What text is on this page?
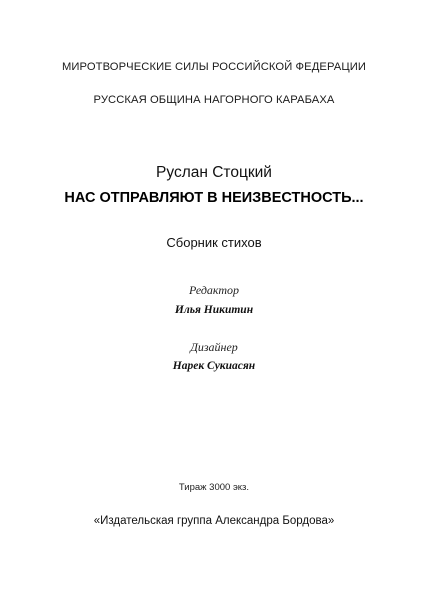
МИРОТВОРЧЕСКИЕ СИЛЫ РОССИЙСКОЙ ФЕДЕРАЦИИ

РУССКАЯ ОБЩИНА НАГОРНОГО КАРАБАХА

Руслан Стоцкий

НАС ОТПРАВЛЯЮТ В НЕИЗВЕСТНОСТЬ...

Сборник стихов

Редактор

Илья Никитин

Дизайнер

Нарек Сукиасян

Тираж 3000 экз.

«Издательская группа Александра Бордова»
